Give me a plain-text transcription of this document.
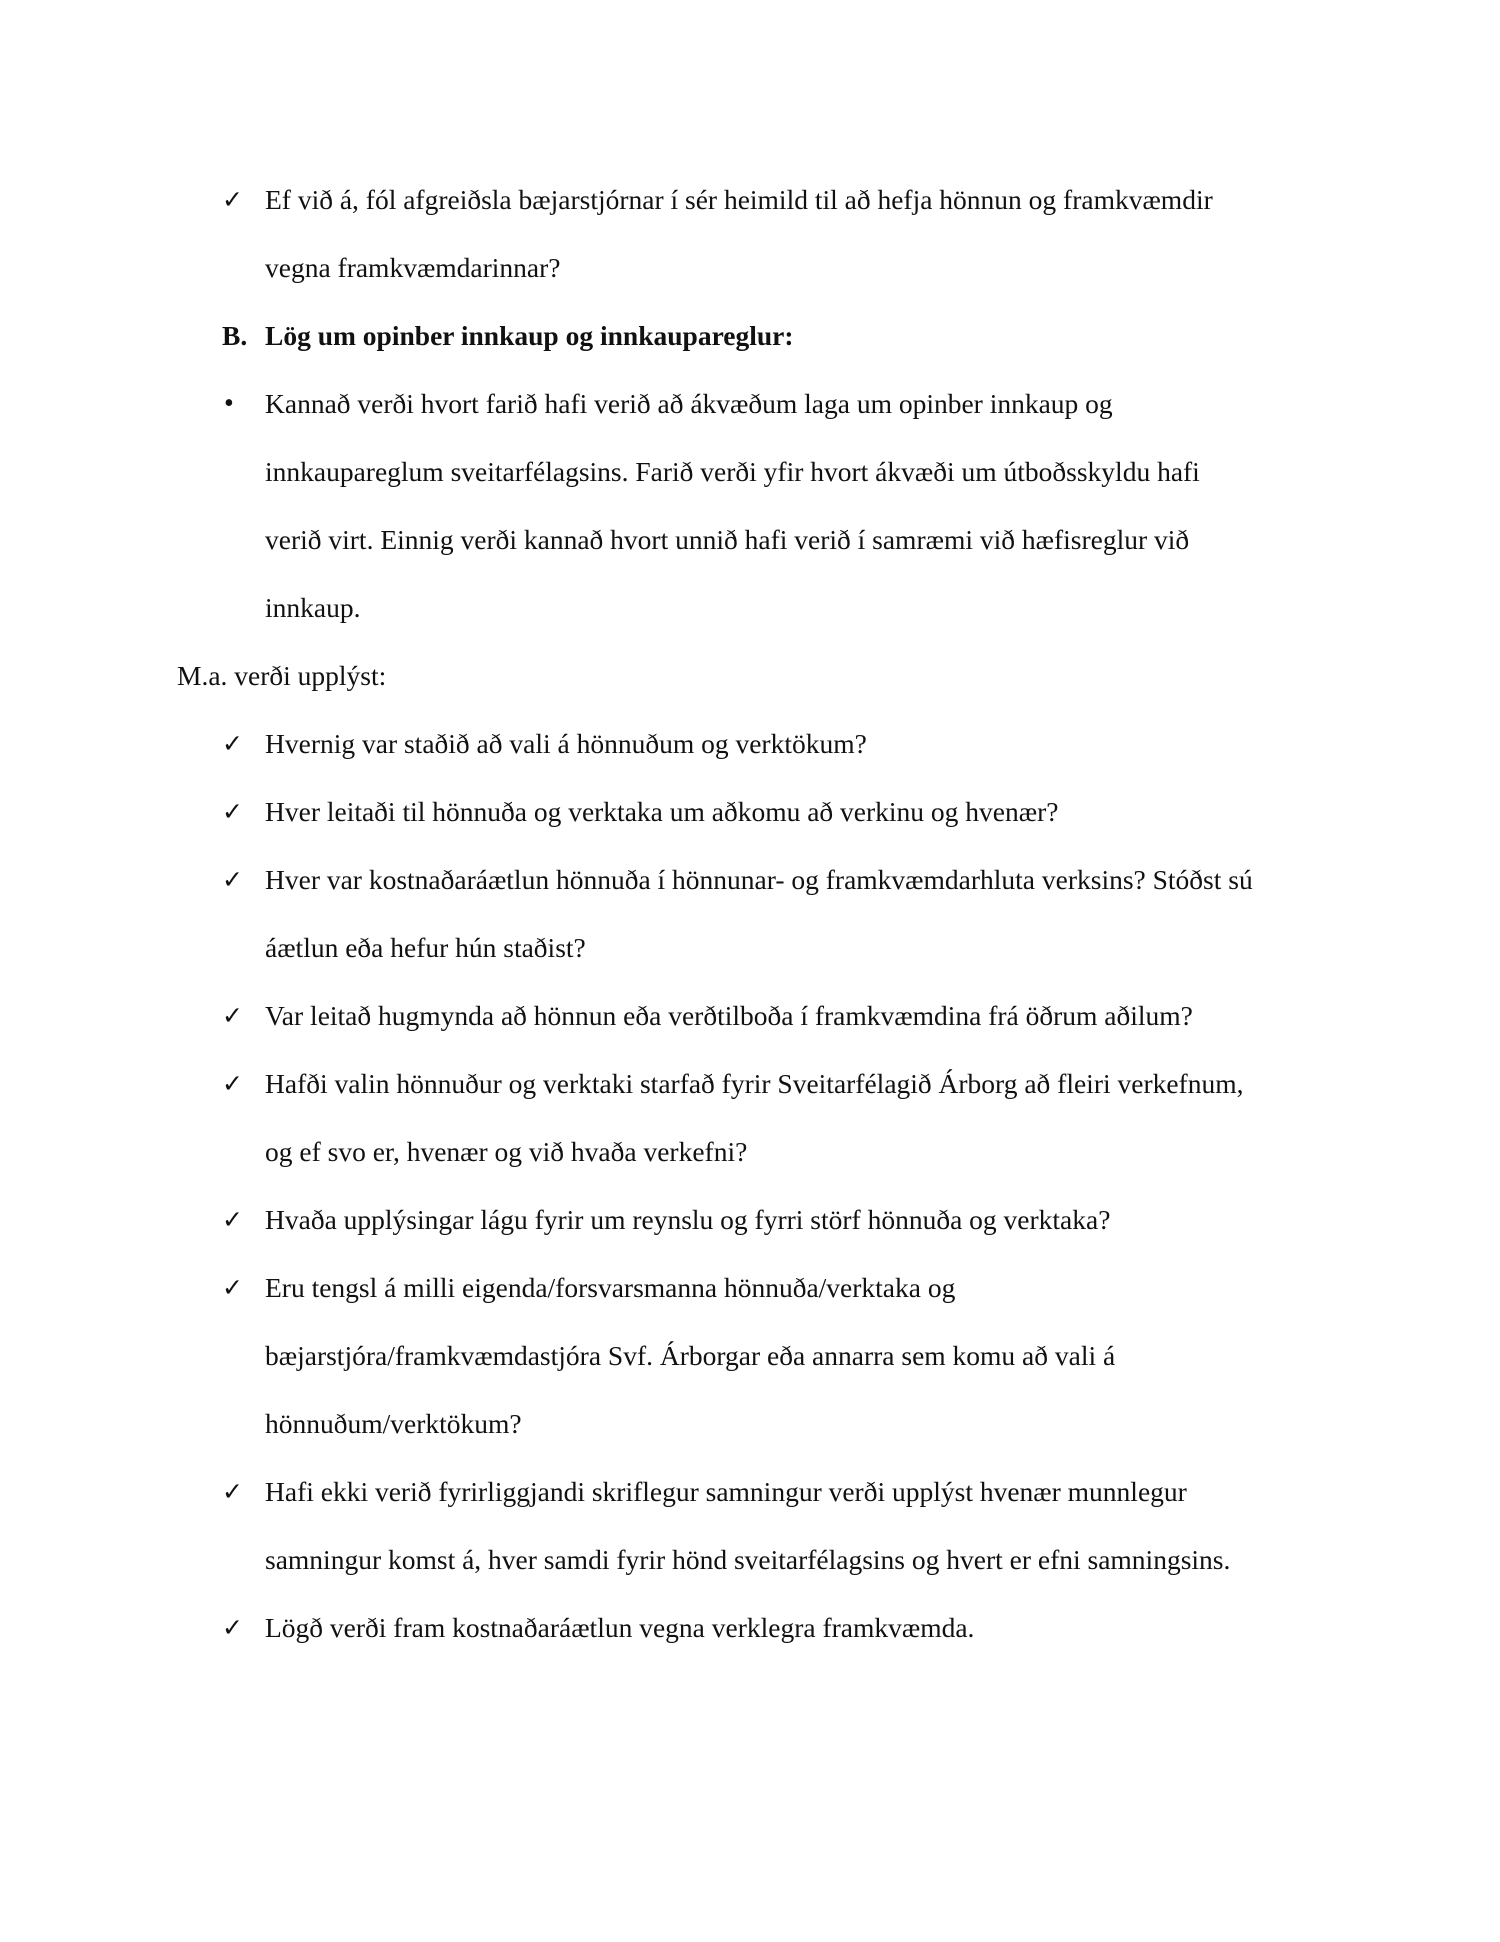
✓ Ef við á, fól afgreiðsla bæjarstjórnar í sér heimild til að hefja hönnun og framkvæmdir
vegna framkvæmdarinnar?
B. Lög um opinber innkaup og innkaupareglur:
•	Kannað verði hvort farið hafi verið að ákvæðum laga um opinber innkaup og
innkaupareglum sveitarfélagsins. Farið verði yfir hvort ákvæði um útboðsskyldu hafi
verið virt. Einnig verði kannað hvort unnið hafi verið í samræmi við hæfisreglur við
innkaup.
M.a. verði upplýst:
✓ Hvernig var staðið að vali á hönnuðum og verktökum?
✓ Hver leitaði til hönnuða og verktaka um aðkomu að verkinu og hvenær?
✓ Hver var kostnaðaráætlun hönnuða í hönnunar- og framkvæmdarhluta verksins? Stóðst sú
áætlun eða hefur hún staðist?
✓ Var leitað hugmynda að hönnun eða verðtilboða í framkvæmdina frá öðrum aðilum?
✓ Hafði valin hönnuður og verktaki starfað fyrir Sveitarfélagið Árborg að fleiri verkefnum,
og ef svo er, hvenær og við hvaða verkefni?
✓ Hvaða upplýsingar lágu fyrir um reynslu og fyrri störf hönnuða og verktaka?
✓ Eru tengsl á milli eigenda/forsvarsmanna hönnuða/verktaka og
bæjarstjóra/framkvæmdastjóra Svf. Árborgar eða annarra sem komu að vali á
hönnuðum/verktökum?
✓ Hafi ekki verið fyrirliggjandi skriflegur samningur verði upplýst hvenær munnlegur
samningur komst á, hver samdi fyrir hönd sveitarfélagsins og hvert er efni samningsins.
✓ Lögð verði fram kostnaðaráætlun vegna verklegra framkvæmda.
